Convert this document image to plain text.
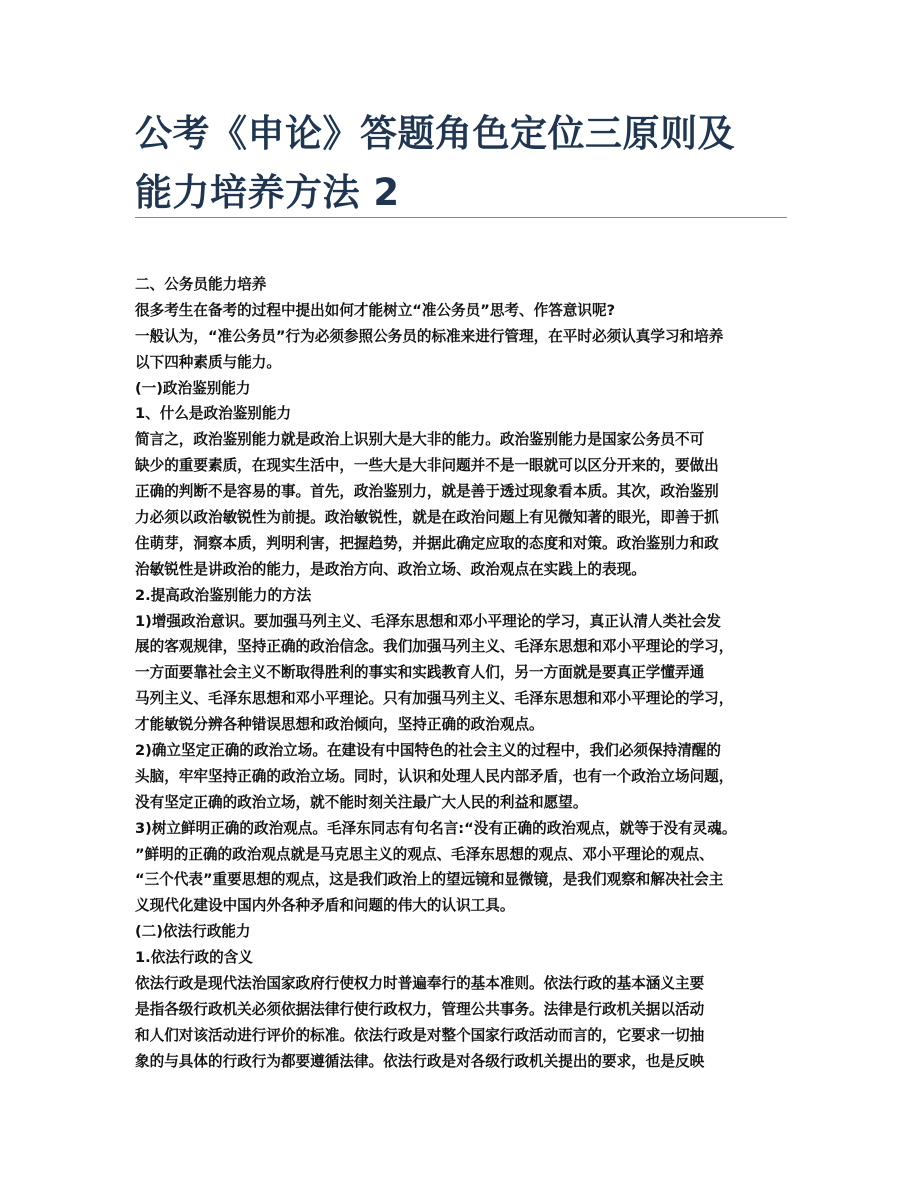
公考《申论》答题角色定位三原则及
能力培养方法 2
二、公务员能力培养
很多考生在备考的过程中提出如何才能树立“准公务员”思考、作答意识呢?
一般认为，“准公务员”行为必须参照公务员的标准来进行管理，在平时必须认真学习和培养
以下四种素质与能力。
(一)政治鉴别能力
1、什么是政治鉴别能力
简言之，政治鉴别能力就是政治上识别大是大非的能力。政治鉴别能力是国家公务员不可
缺少的重要素质，在现实生活中，一些大是大非问题并不是一眼就可以区分开来的，要做出
正确的判断不是容易的事。首先，政治鉴别力，就是善于透过现象看本质。其次，政治鉴别
力必须以政治敏锐性为前提。政治敏锐性，就是在政治问题上有见微知著的眼光，即善于抓
住萌芽，洞察本质，判明利害，把握趋势，并据此确定应取的态度和对策。政治鉴别力和政
治敏锐性是讲政治的能力，是政治方向、政治立场、政治观点在实践上的表现。
2.提高政治鉴别能力的方法
1)增强政治意识。要加强马列主义、毛泽东思想和邓小平理论的学习，真正认清人类社会发
展的客观规律，坚持正确的政治信念。我们加强马列主义、毛泽东思想和邓小平理论的学习，
一方面要靠社会主义不断取得胜利的事实和实践教育人们，另一方面就是要真正学懂弄通
马列主义、毛泽东思想和邓小平理论。只有加强马列主义、毛泽东思想和邓小平理论的学习，
才能敏锐分辨各种错误思想和政治倾向，坚持正确的政治观点。
2)确立坚定正确的政治立场。在建设有中国特色的社会主义的过程中，我们必须保持清醒的
头脑，牢牢坚持正确的政治立场。同时，认识和处理人民内部矛盾，也有一个政治立场问题，
没有坚定正确的政治立场，就不能时刻关注最广大人民的利益和愿望。
3)树立鲜明正确的政治观点。毛泽东同志有句名言:“没有正确的政治观点，就等于没有灵魂。
”鲜明的正确的政治观点就是马克思主义的观点、毛泽东思想的观点、邓小平理论的观点、
“三个代表”重要思想的观点，这是我们政治上的望远镜和显微镜，是我们观察和解决社会主
义现代化建设中国内外各种矛盾和问题的伟大的认识工具。
(二)依法行政能力
1.依法行政的含义
依法行政是现代法治国家政府行使权力时普遍奉行的基本准则。依法行政的基本涵义主要
是指各级行政机关必须依据法律行使行政权力，管理公共事务。法律是行政机关据以活动
和人们对该活动进行评价的标准。依法行政是对整个国家行政活动而言的，它要求一切抽
象的与具体的行政行为都要遵循法律。依法行政是对各级行政机关提出的要求，也是反映
